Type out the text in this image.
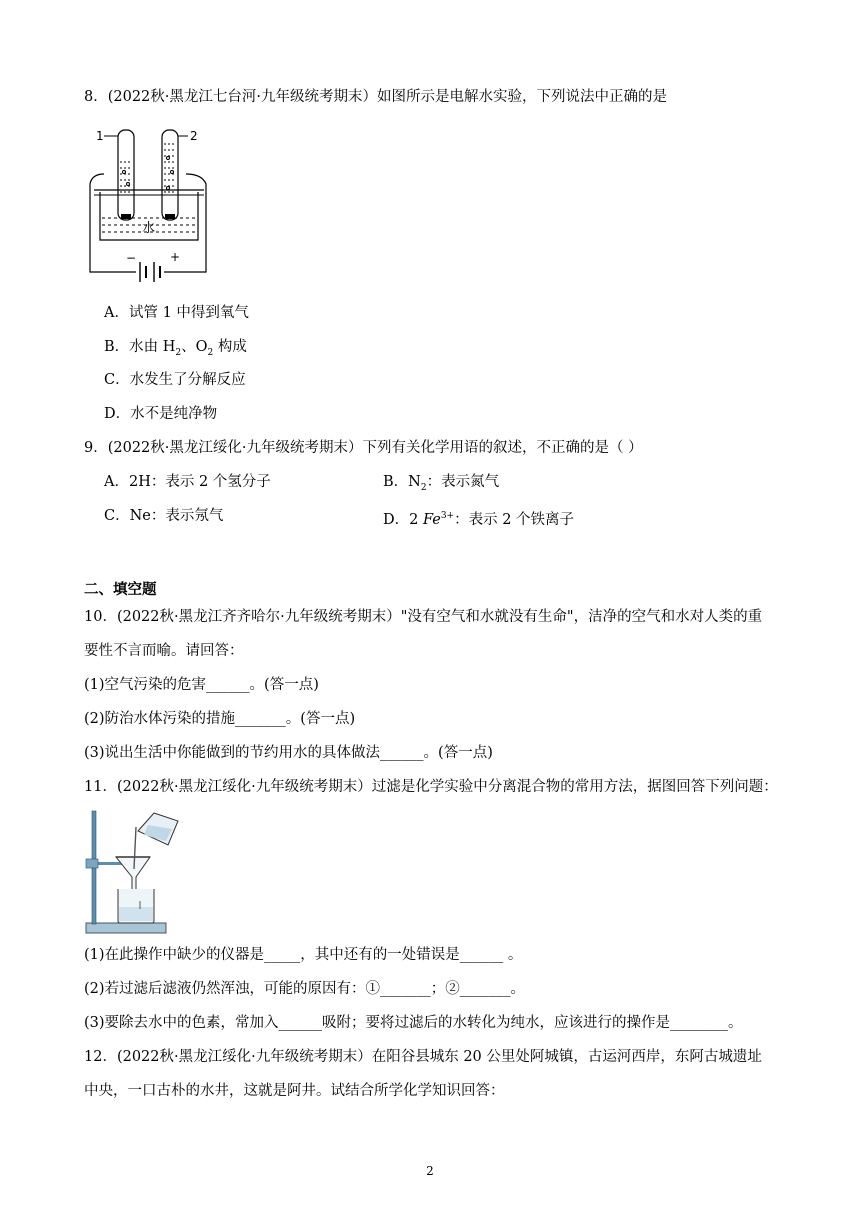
8．(2022秋·黑龙江七台河·九年级统考期末）如图所示是电解水实验，下列说法中正确的是
−	+
水
1	2
A．试管 1 中得到氧气
B．水由 $H_2$、$O_2$ 构成
C．水发生了分解反应
D．水不是纯净物
9．(2022秋·黑龙江绥化·九年级统考期末）下列有关化学用语的叙述，不正确的是（ ）
A．2H：表示 2 个氢分子	B．$N_2$：表示氮气
C．Ne：表示氖气	D．2 $Fe^{3+}$：表示 2 个铁离子
二、填空题
10．(2022秋·黑龙江齐齐哈尔·九年级统考期末）"没有空气和水就没有生命"，洁净的空气和水对人类的重
要性不言而喻。请回答：
(1)空气污染的危害______。(答一点)
(2)防治水体污染的措施_______。(答一点)
(3)说出生活中你能做到的节约用水的具体做法______。(答一点)
11．(2022秋·黑龙江绥化·九年级统考期末）过滤是化学实验中分离混合物的常用方法，据图回答下列问题：
(1)在此操作中缺少的仪器是_____，其中还有的一处错误是______ 。
(2)若过滤后滤液仍然浑浊，可能的原因有：①_______；②_______。
(3)要除去水中的色素，常加入______吸附；要将过滤后的水转化为纯水，应该进行的操作是________。
12．(2022秋·黑龙江绥化·九年级统考期末）在阳谷县城东 20 公里处阿城镇，古运河西岸，东阿古城遗址
中央，一口古朴的水井，这就是阿井。试结合所学化学知识回答：
2
